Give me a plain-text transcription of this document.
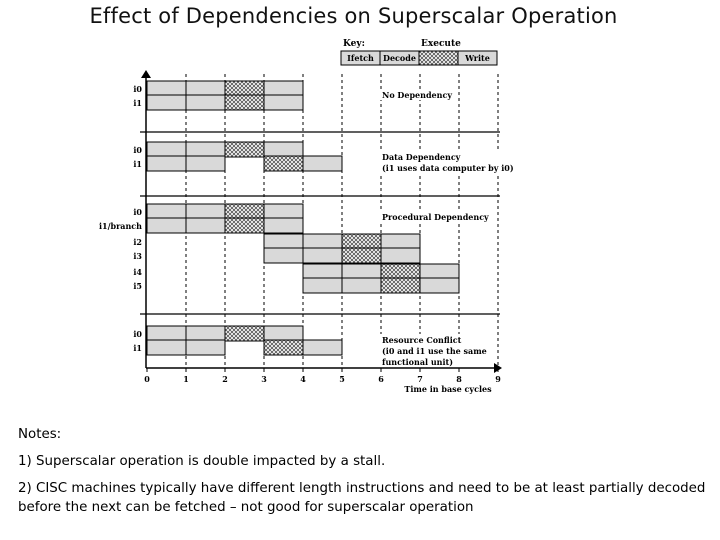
Effect of Dependencies on Superscalar Operation
Key:	Execute
Ifetch Decode	Write
i0
i1
i0
i1
i0
i1/branch
i2
i3
i4
i5
i0
i1
No Dependency
Data Dependency
(i1 uses data computer by i0)
Procedural Dependency
Resource Conflict
(i0 and i1 use the same
functional unit)
0	1	2	3	4	5	6	7	8	9
Time in base cycles

Notes:

1) Superscalar operation is double impacted by a stall.

2) CISC machines typically have different length instructions and need to be at least partially decoded before the next can be fetched – not good for superscalar operation
